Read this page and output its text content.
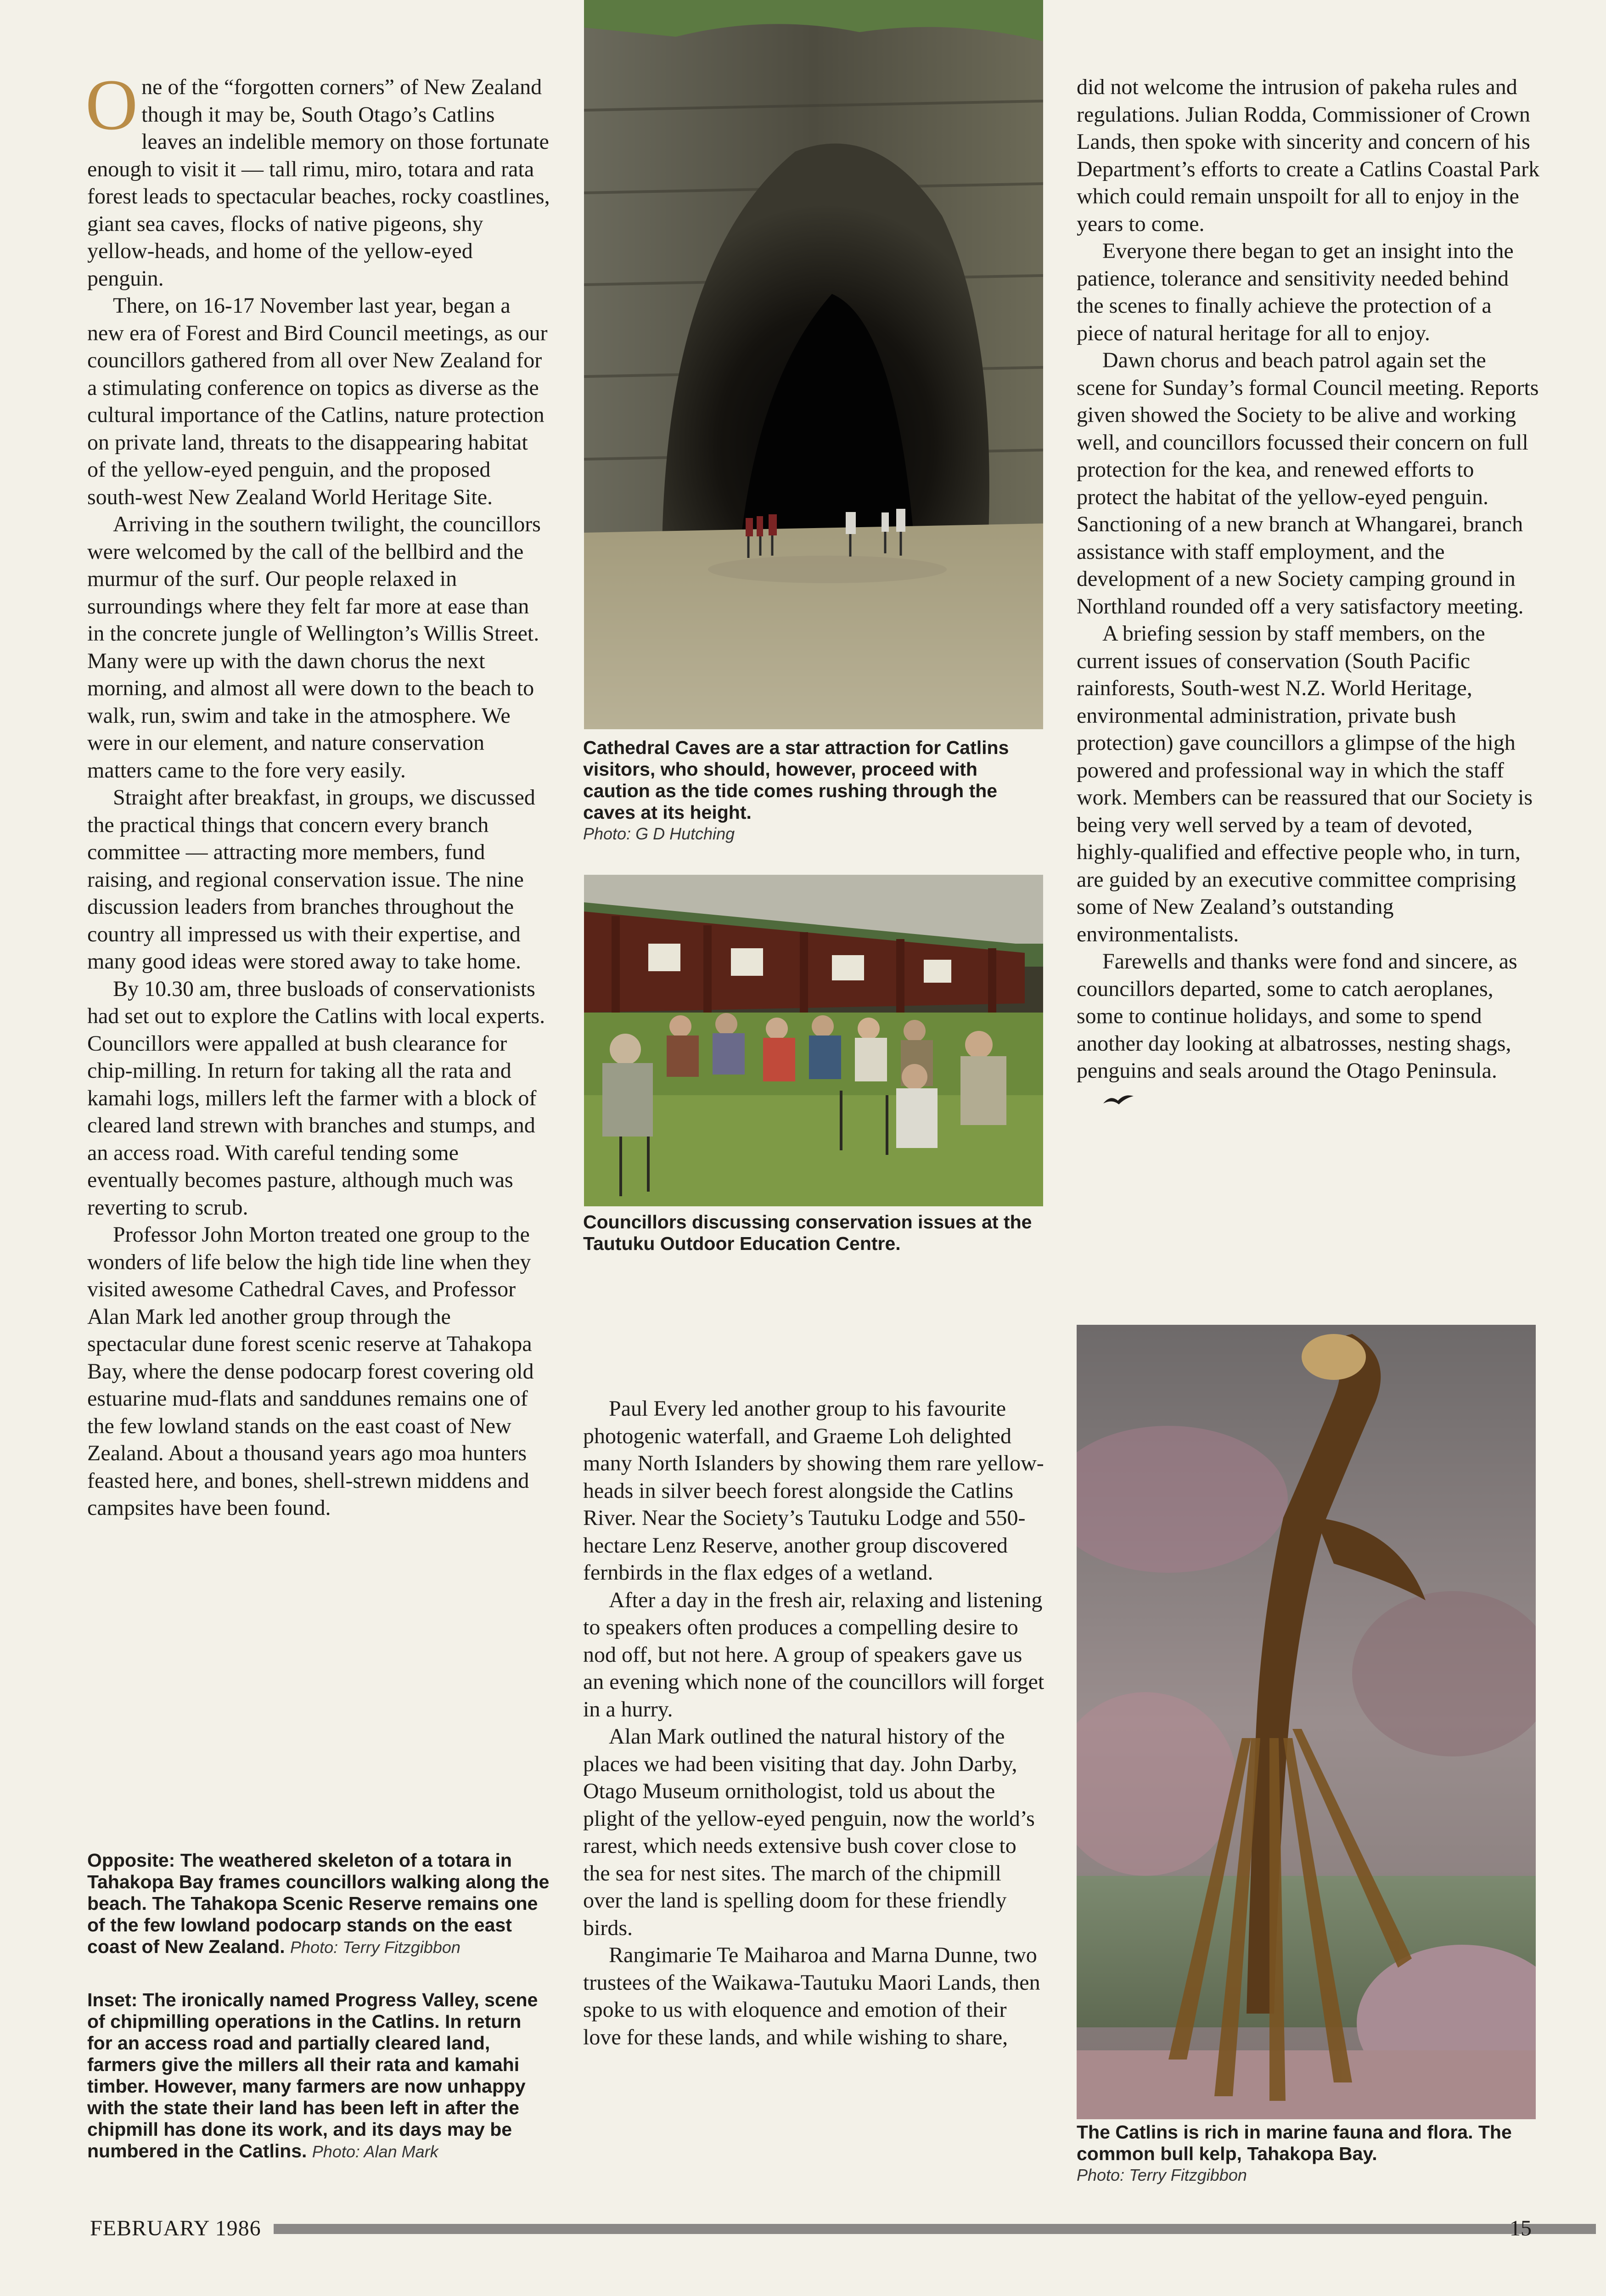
One of the “forgotten corners” of New Zealand though it may be, South Otago’s Catlins leaves an indelible memory on those fortunate enough to visit it — tall rimu, miro, totara and rata forest leads to spectacular beaches, rocky coastlines, giant sea caves, flocks of native pigeons, shy yellow-heads, and home of the yellow-eyed penguin.

There, on 16-17 November last year, began a new era of Forest and Bird Council meetings, as our councillors gathered from all over New Zealand for a stimulating conference on topics as diverse as the cultural importance of the Catlins, nature protection on private land, threats to the disappearing habitat of the yellow-eyed penguin, and the proposed south-west New Zealand World Heritage Site.

Arriving in the southern twilight, the councillors were welcomed by the call of the bellbird and the murmur of the surf. Our people relaxed in surroundings where they felt far more at ease than in the concrete jungle of Wellington’s Willis Street. Many were up with the dawn chorus the next morning, and almost all were down to the beach to walk, run, swim and take in the atmosphere. We were in our element, and nature conservation matters came to the fore very easily.

Straight after breakfast, in groups, we discussed the practical things that concern every branch committee — attracting more members, fund raising, and regional conservation issue. The nine discussion leaders from branches throughout the country all impressed us with their expertise, and many good ideas were stored away to take home.

By 10.30 am, three busloads of conservationists had set out to explore the Catlins with local experts. Councillors were appalled at bush clearance for chip-milling. In return for taking all the rata and kamahi logs, millers left the farmer with a block of cleared land strewn with branches and stumps, and an access road. With careful tending some eventually becomes pasture, although much was reverting to scrub.

Professor John Morton treated one group to the wonders of life below the high tide line when they visited awesome Cathedral Caves, and Professor Alan Mark led another group through the spectacular dune forest scenic reserve at Tahakopa Bay, where the dense podocarp forest covering old estuarine mud-flats and sanddunes remains one of the few lowland stands on the east coast of New Zealand. About a thousand years ago moa hunters feasted here, and bones, shell-strewn middens and campsites have been found.

Opposite: The weathered skeleton of a totara in Tahakopa Bay frames councillors walking along the beach. The Tahakopa Scenic Reserve remains one of the few lowland podocarp stands on the east coast of New Zealand. Photo: Terry Fitzgibbon

Inset: The ironically named Progress Valley, scene of chipmilling operations in the Catlins. In return for an access road and partially cleared land, farmers give the millers all their rata and kamahi timber. However, many farmers are now unhappy with the state their land has been left in after the chipmill has done its work, and its days may be numbered in the Catlins. Photo: Alan Mark

Cathedral Caves are a star attraction for Catlins visitors, who should, however, proceed with caution as the tide comes rushing through the caves at its height.

Photo: G D Hutching

Councillors discussing conservation issues at the Tautuku Outdoor Education Centre.

Paul Every led another group to his favourite photogenic waterfall, and Graeme Loh delighted many North Islanders by showing them rare yellow-heads in silver beech forest alongside the Catlins River. Near the Society’s Tautuku Lodge and 550-hectare Lenz Reserve, another group discovered fernbirds in the flax edges of a wetland.

After a day in the fresh air, relaxing and listening to speakers often produces a compelling desire to nod off, but not here. A group of speakers gave us an evening which none of the councillors will forget in a hurry.

Alan Mark outlined the natural history of the places we had been visiting that day. John Darby, Otago Museum ornithologist, told us about the plight of the yellow-eyed penguin, now the world’s rarest, which needs extensive bush cover close to the sea for nest sites. The march of the chipmill over the land is spelling doom for these friendly birds.

Rangimarie Te Maiharoa and Marna Dunne, two trustees of the Waikawa-Tautuku Maori Lands, then spoke to us with eloquence and emotion of their love for these lands, and while wishing to share,

did not welcome the intrusion of pakeha rules and regulations. Julian Rodda, Commissioner of Crown Lands, then spoke with sincerity and concern of his Department’s efforts to create a Catlins Coastal Park which could remain unspoilt for all to enjoy in the years to come.

Everyone there began to get an insight into the patience, tolerance and sensitivity needed behind the scenes to finally achieve the protection of a piece of natural heritage for all to enjoy.

Dawn chorus and beach patrol again set the scene for Sunday’s formal Council meeting. Reports given showed the Society to be alive and working well, and councillors focussed their concern on full protection for the kea, and renewed efforts to protect the habitat of the yellow-eyed penguin. Sanctioning of a new branch at Whangarei, branch assistance with staff employment, and the development of a new Society camping ground in Northland rounded off a very satisfactory meeting.

A briefing session by staff members, on the current issues of conservation (South Pacific rainforests, South-west N.Z. World Heritage, environmental administration, private bush protection) gave councillors a glimpse of the high powered and professional way in which the staff work. Members can be reassured that our Society is being very well served by a team of devoted, highly-qualified and effective people who, in turn, are guided by an executive committee comprising some of New Zealand’s outstanding environmentalists.

Farewells and thanks were fond and sincere, as councillors departed, some to catch aeroplanes, some to continue holidays, and some to spend another day looking at albatrosses, nesting shags, penguins and seals around the Otago Peninsula.

The Catlins is rich in marine fauna and flora. The common bull kelp, Tahakopa Bay.

Photo: Terry Fitzgibbon
FEBRUARY 1986	15
